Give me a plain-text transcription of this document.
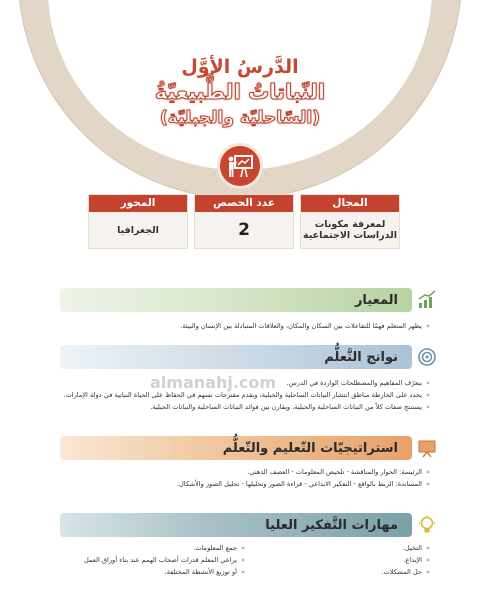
الدَّرسُ الأوَّل
النّباتاتُ الطَّبيعيّةُ
(السّاحليّة والجبليّة)
المجال
لمعرفة مكونات الدراسات الاجتماعية
عدد الحصص
2
المحور
الجغرافيا
المعيار
» يظهر المتعلم فهمًا للتفاعلات بين السكان والمكان، والعلاقات المتبادلة بين الإنسان والبيئة.
نواتج التَّعلُّم
» يتعرّف المفاهيم والمصطلحات الواردة في الدرس.
» يحدد على الخارطة مناطق انتشار النباتات الساحلية والجبلية، ويقدم مقترحات تسهم في الحفاظ على الحياة النباتية في دولة الإمارات.
» يستنتج صفات كلاً من النباتات الساحلية والجبلية، ويقارن بين فوائد النباتات الساحلية والنباتات الجبلية.
almanahj.com
استراتيجيّات التّعليم والتّعلُّم
» الرئيسة: الحوار والمناقشة - تلخيص المعلومات - العصف الذهني.
» المساندة: الربط بالواقع - التفكير الابداعي - قراءة الصور وتحليلها - تحليل الصور والأشكال.
مهارات التَّفكير العليا
» التخيل.
» الإبداع.
» حل المشكلات.
» جمع المعلومات.
» يراعي المعلم قدرات أصحاب الهمم عند بناء أوراق العمل
» أو توزيع الأنشطة المختلفة.
